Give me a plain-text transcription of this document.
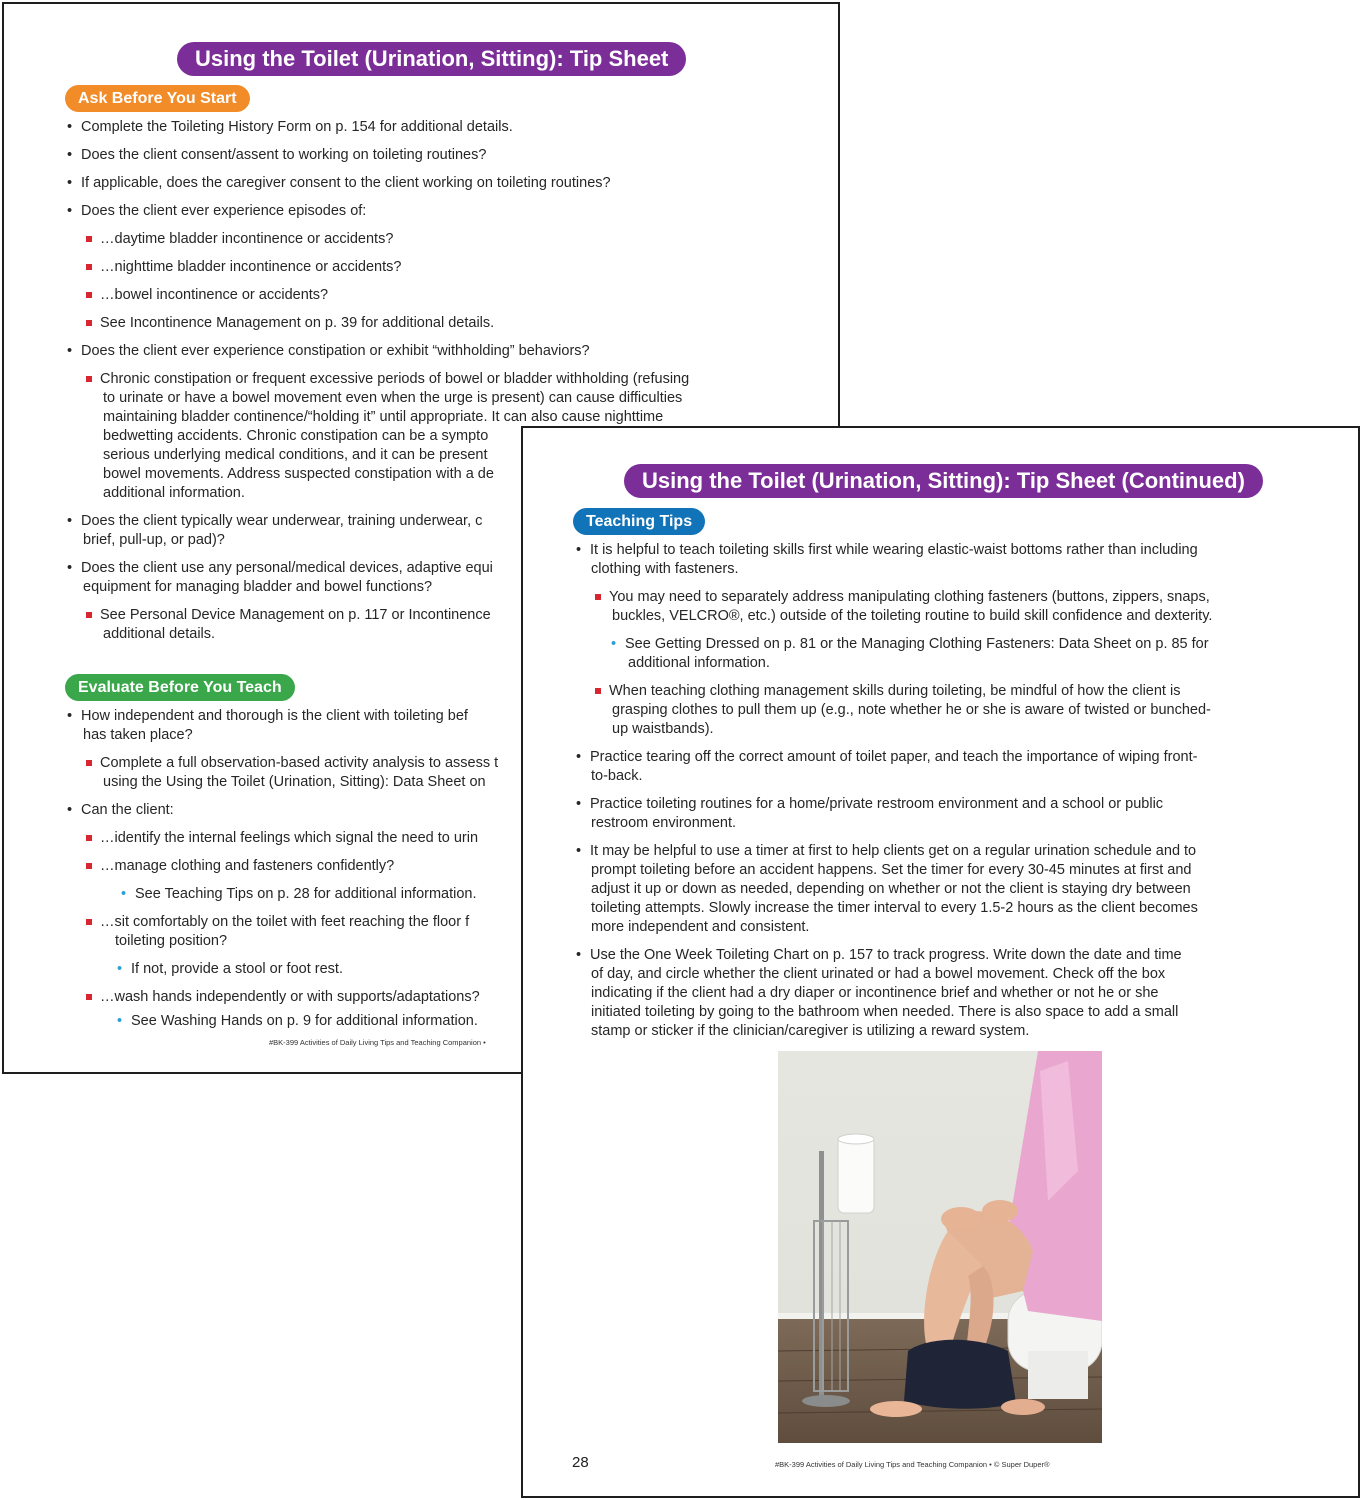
Using the Toilet (Urination, Sitting): Tip Sheet
Ask Before You Start
• Complete the Toileting History Form on p. 154 for additional details.
• Does the client consent/assent to working on toileting routines?
• If applicable, does the caregiver consent to the client working on toileting routines?
• Does the client ever experience episodes of:
…daytime bladder incontinence or accidents?
…nighttime bladder incontinence or accidents?
…bowel incontinence or accidents?
See Incontinence Management on p. 39 for additional details.
• Does the client ever experience constipation or exhibit “withholding” behaviors?
Chronic constipation or frequent excessive periods of bowel or bladder withholding (refusing
to urinate or have a bowel movement even when the urge is present) can cause difficulties
maintaining bladder continence/“holding it” until appropriate. It can also cause nighttime
bedwetting accidents. Chronic constipation can be a sympto
serious underlying medical conditions, and it can be present
bowel movements. Address suspected constipation with a de
additional information.
• Does the client typically wear underwear, training underwear, c
brief, pull-up, or pad)?
• Does the client use any personal/medical devices, adaptive equi
equipment for managing bladder and bowel functions?
See Personal Device Management on p. 117 or Incontinence
additional details.
Evaluate Before You Teach
• How independent and thorough is the client with toileting bef
has taken place?
Complete a full observation-based activity analysis to assess t
using the Using the Toilet (Urination, Sitting): Data Sheet on
• Can the client:
…identify the internal feelings which signal the need to urin
…manage clothing and fasteners confidently?
• See Teaching Tips on p. 28 for additional information.
…sit comfortably on the toilet with feet reaching the floor f
toileting position?
• If not, provide a stool or foot rest.
…wash hands independently or with supports/adaptations?
• See Washing Hands on p. 9 for additional information.
#BK-399 Activities of Daily Living Tips and Teaching Companion •
Using the Toilet (Urination, Sitting): Tip Sheet (Continued)
Teaching Tips
• It is helpful to teach toileting skills first while wearing elastic-waist bottoms rather than including
clothing with fasteners.
You may need to separately address manipulating clothing fasteners (buttons, zippers, snaps,
buckles, VELCRO®, etc.) outside of the toileting routine to build skill confidence and dexterity.
• See Getting Dressed on p. 81 or the Managing Clothing Fasteners: Data Sheet on p. 85 for
additional information.
When teaching clothing management skills during toileting, be mindful of how the client is
grasping clothes to pull them up (e.g., note whether he or she is aware of twisted or bunched-
up waistbands).
• Practice tearing off the correct amount of toilet paper, and teach the importance of wiping front-
to-back.
• Practice toileting routines for a home/private restroom environment and a school or public
restroom environment.
• It may be helpful to use a timer at first to help clients get on a regular urination schedule and to
prompt toileting before an accident happens. Set the timer for every 30-45 minutes at first and
adjust it up or down as needed, depending on whether or not the client is staying dry between
toileting attempts. Slowly increase the timer interval to every 1.5-2 hours as the client becomes
more independent and consistent.
• Use the One Week Toileting Chart on p. 157 to track progress. Write down the date and time
of day, and circle whether the client urinated or had a bowel movement. Check off the box
indicating if the client had a dry diaper or incontinence brief and whether or not he or she
initiated toileting by going to the bathroom when needed. There is also space to add a small
stamp or sticker if the clinician/caregiver is utilizing a reward system.
28	#BK-399 Activities of Daily Living Tips and Teaching Companion • © Super Duper®
